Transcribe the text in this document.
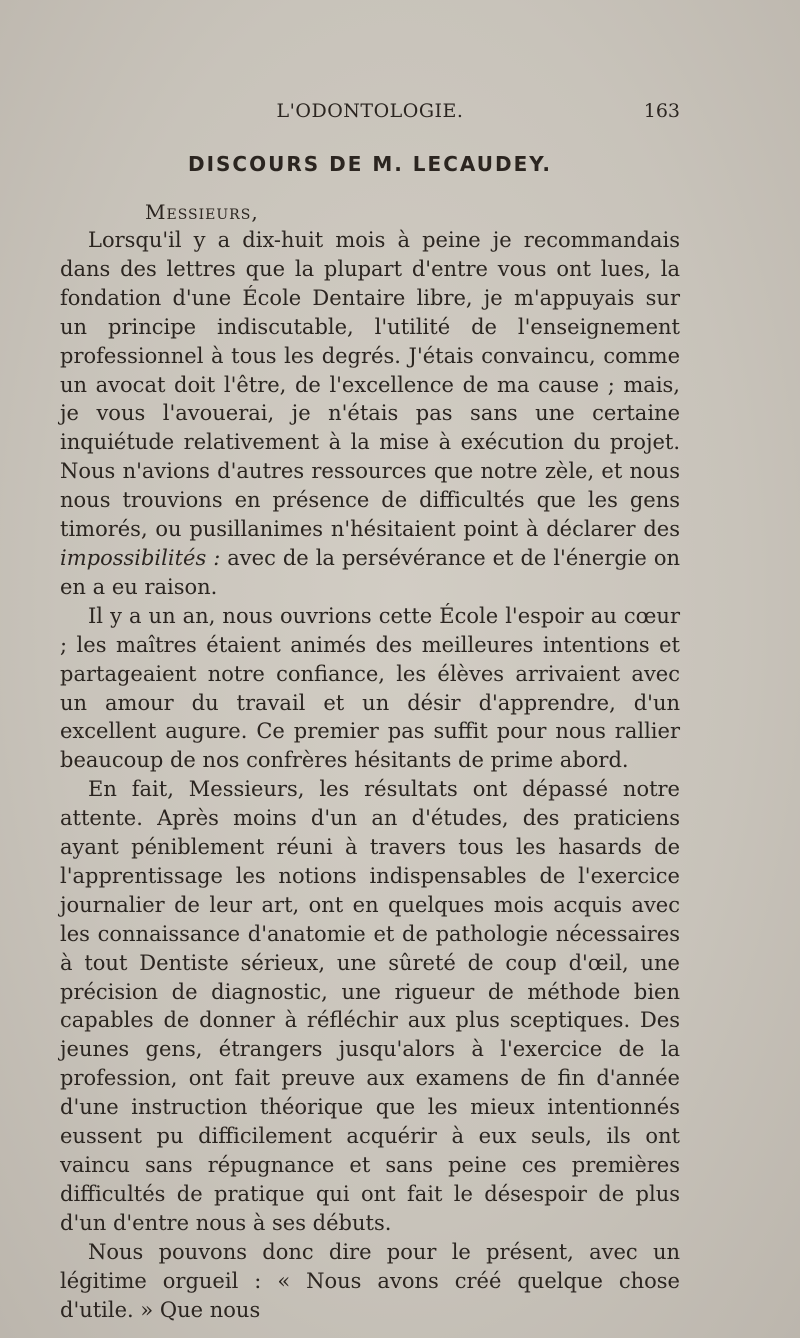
L'ODONTOLOGIE.	163
DISCOURS DE M. LECAUDEY.
Messieurs,

Lorsqu'il y a dix-huit mois à peine je recommandais dans des lettres que la plupart d'entre vous ont lues, la fondation d'une École Dentaire libre, je m'appuyais sur un principe indiscutable, l'utilité de l'enseignement professionnel à tous les degrés. J'étais convaincu, comme un avocat doit l'être, de l'excellence de ma cause ; mais, je vous l'avouerai, je n'étais pas sans une certaine inquiétude relativement à la mise à exécution du projet. Nous n'avions d'autres ressources que notre zèle, et nous nous trouvions en présence de difficultés que les gens timorés, ou pusillanimes n'hésitaient point à déclarer des impossibilités : avec de la persévérance et de l'énergie on en a eu raison.

Il y a un an, nous ouvrions cette École l'espoir au cœur ; les maîtres étaient animés des meilleures intentions et partageaient notre confiance, les élèves arrivaient avec un amour du travail et un désir d'apprendre, d'un excellent augure. Ce premier pas suffit pour nous rallier beaucoup de nos confrères hésitants de prime abord.

En fait, Messieurs, les résultats ont dépassé notre attente. Après moins d'un an d'études, des praticiens ayant péniblement réuni à travers tous les hasards de l'apprentissage les notions indispensables de l'exercice journalier de leur art, ont en quelques mois acquis avec les connaissance d'anatomie et de pathologie nécessaires à tout Dentiste sérieux, une sûreté de coup d'œil, une précision de diagnostic, une rigueur de méthode bien capables de donner à réfléchir aux plus sceptiques. Des jeunes gens, étrangers jusqu'alors à l'exercice de la profession, ont fait preuve aux examens de fin d'année d'une instruction théorique que les mieux intentionnés eussent pu difficilement acquérir à eux seuls, ils ont vaincu sans répugnance et sans peine ces premières difficultés de pratique qui ont fait le désespoir de plus d'un d'entre nous à ses débuts.

Nous pouvons donc dire pour le présent, avec un légitime orgueil : « Nous avons créé quelque chose d'utile. » Que nous
